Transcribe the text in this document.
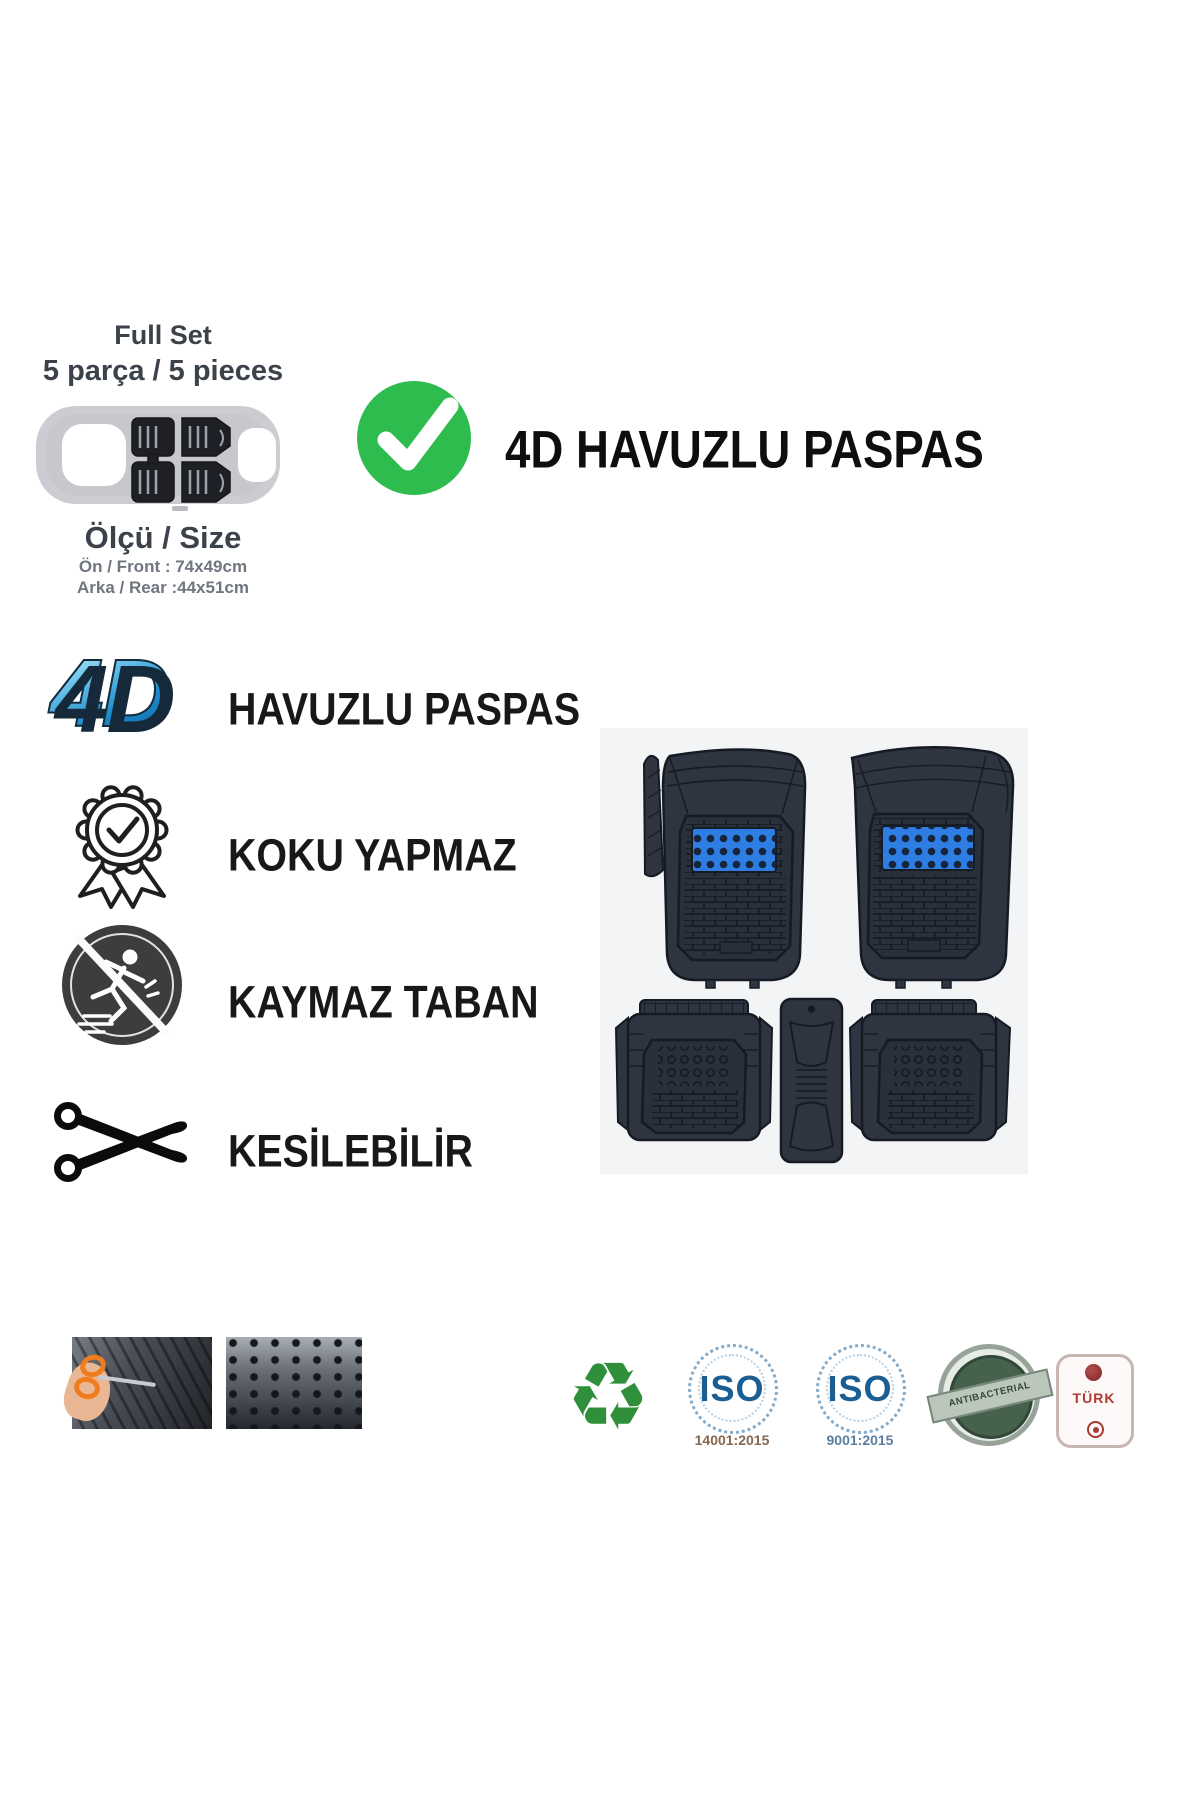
Full Set
5 parça / 5 pieces
Ölçü / Size
Ön / Front : 74x49cm
Arka / Rear :44x51cm
4D HAVUZLU PASPAS
4D HAVUZLU PASPAS
KOKU YAPMAZ
KAYMAZ TABAN
KESİLEBİLİR
♻	ISO
14001:2015
ISO
9001:2015
ANTIBACTERIAL	TÜRK
